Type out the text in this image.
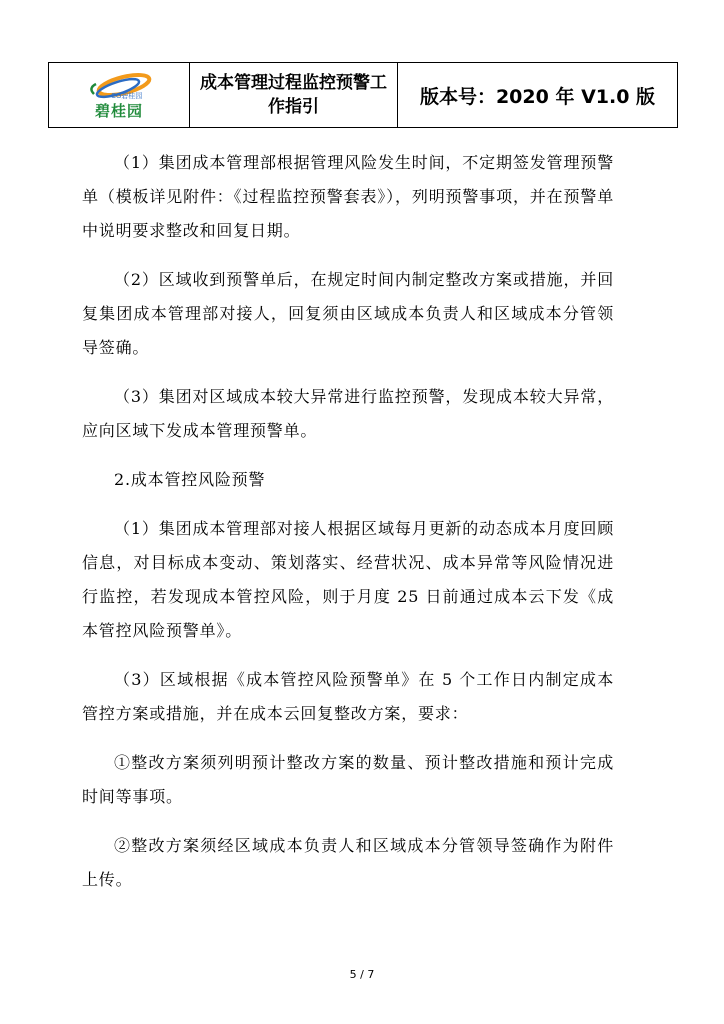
CG碧桂园
碧桂园
成本管理过程监控预警工作指引	版本号：2020 年 V1.0 版

（1）集团成本管理部根据管理风险发生时间，不定期签发管理预警单（模板详见附件：《过程监控预警套表》），列明预警事项，并在预警单中说明要求整改和回复日期。

（2）区域收到预警单后，在规定时间内制定整改方案或措施，并回复集团成本管理部对接人，回复须由区域成本负责人和区域成本分管领导签确。

（3）集团对区域成本较大异常进行监控预警，发现成本较大异常，应向区域下发成本管理预警单。

2.成本管控风险预警

（1）集团成本管理部对接人根据区域每月更新的动态成本月度回顾信息，对目标成本变动、策划落实、经营状况、成本异常等风险情况进行监控，若发现成本管控风险，则于月度 25 日前通过成本云下发《成本管控风险预警单》。

（3）区域根据《成本管控风险预警单》在 5 个工作日内制定成本管控方案或措施，并在成本云回复整改方案，要求：

①整改方案须列明预计整改方案的数量、预计整改措施和预计完成时间等事项。

②整改方案须经区域成本负责人和区域成本分管领导签确作为附件上传。

5 / 7
